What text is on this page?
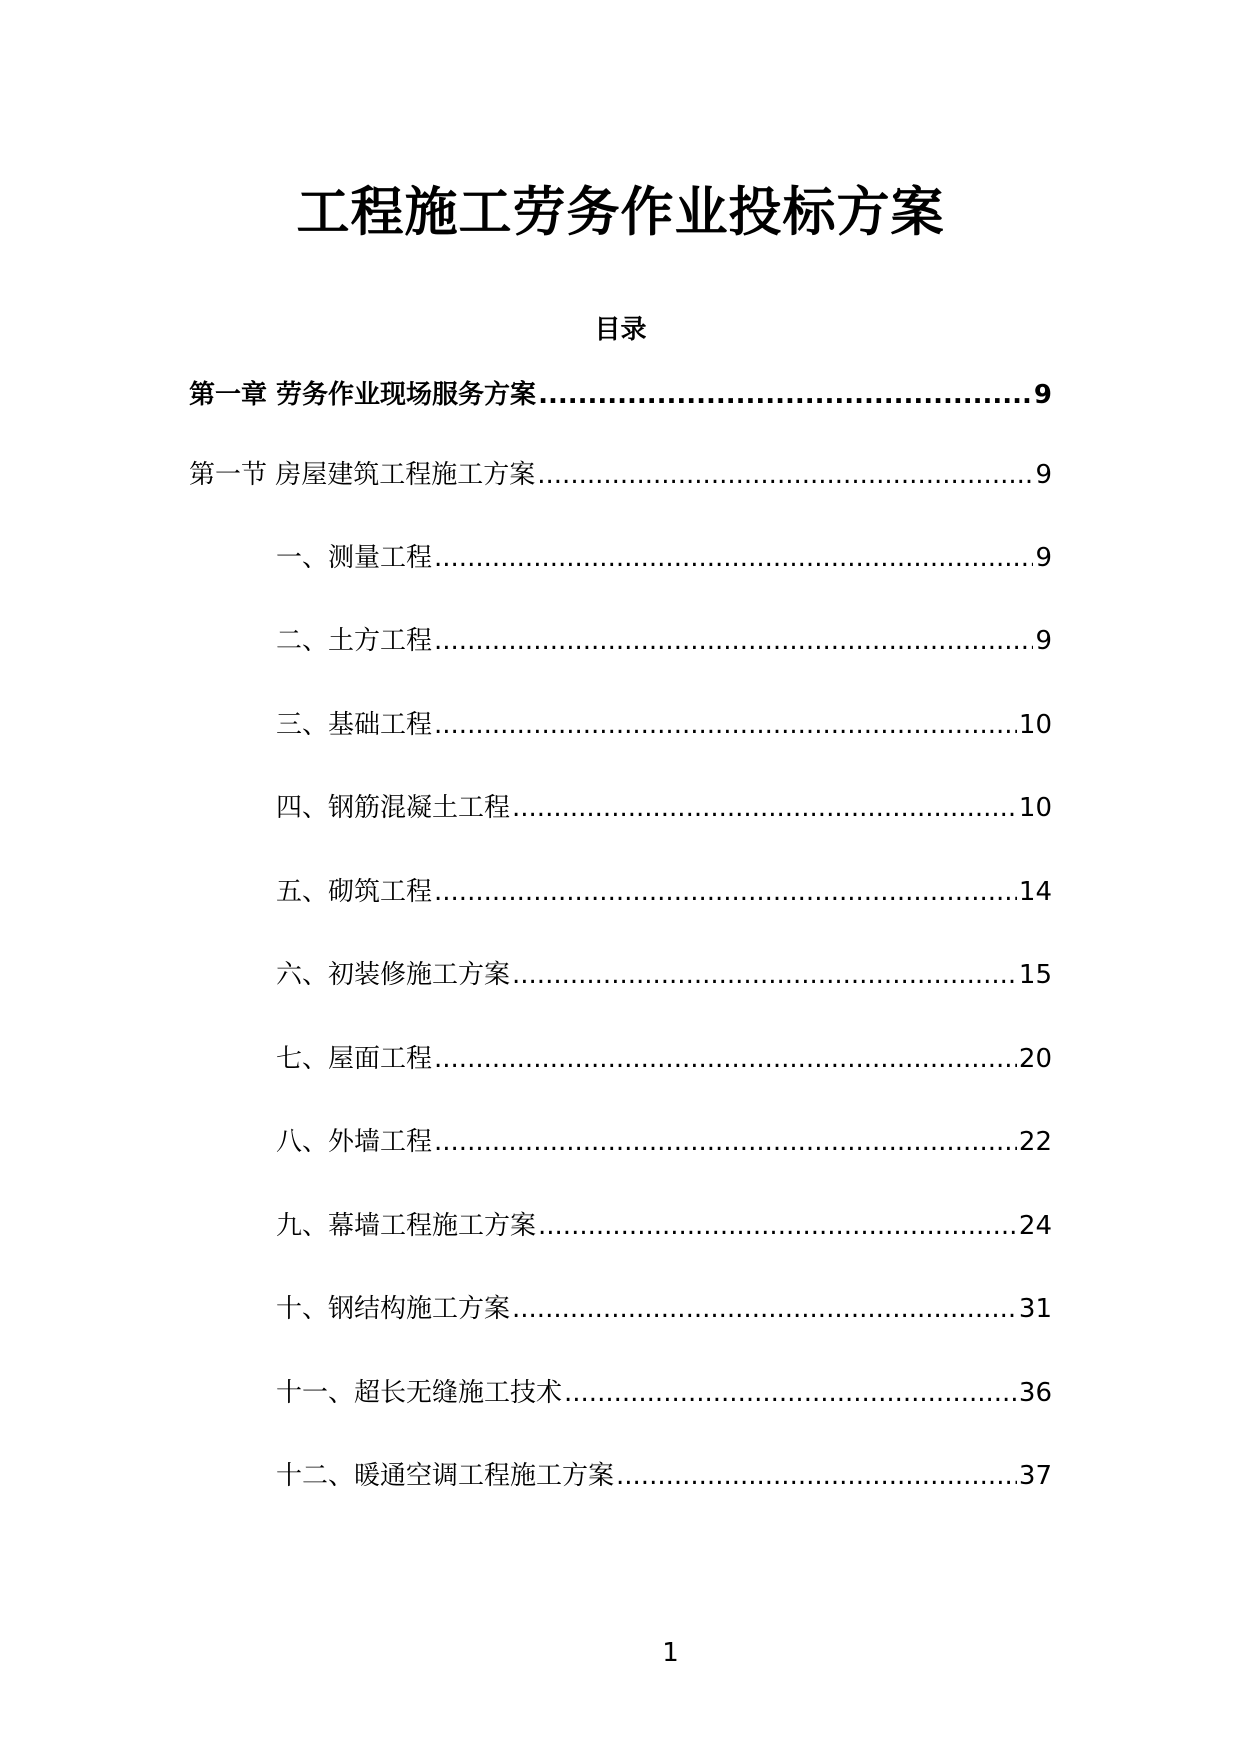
工程施工劳务作业投标方案
目录
第一章 劳务作业现场服务方案 .....	9
第一节 房屋建筑工程施工方案 .....	9
一、测量工程 .....	9
二、土方工程 .....	9
三、基础工程 .....	10
四、钢筋混凝土工程 .....	10
五、砌筑工程 .....	14
六、初装修施工方案 .....	15
七、屋面工程 .....	20
八、外墙工程 .....	22
九、幕墙工程施工方案 .....	24
十、钢结构施工方案 .....	31
十一、超长无缝施工技术 .....	36
十二、暖通空调工程施工方案 .....	37
1
